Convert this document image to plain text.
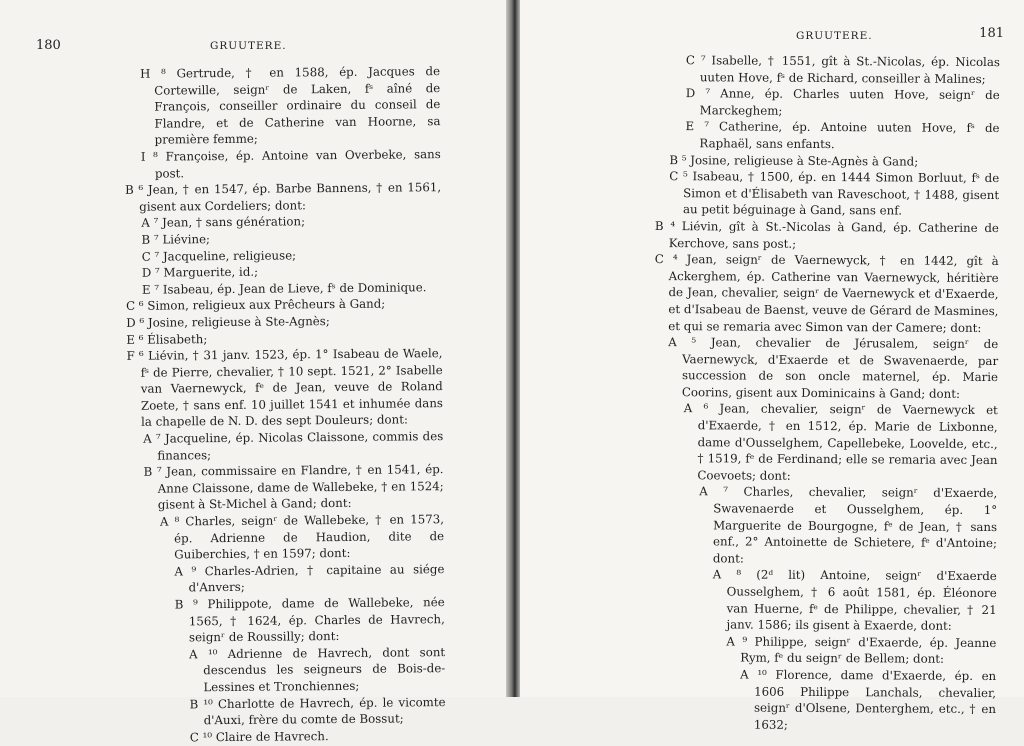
180	GRUUTERE.
H ⁸ Gertrude, † en 1588, ép. Jacques de Cortewille, seignʳ de Laken, fˢ aîné de François, conseiller ordinaire du conseil de Flandre, et de Catherine van Hoorne, sa première femme;
I ⁸ Françoise, ép. Antoine van Overbeke, sans post.
B ⁶ Jean, † en 1547, ép. Barbe Bannens, † en 1561, gisent aux Cordeliers; dont:
A ⁷ Jean, † sans génération;
B ⁷ Liévine;
C ⁷ Jacqueline, religieuse;
D ⁷ Marguerite, id.;
E ⁷ Isabeau, ép. Jean de Lieve, fˢ de Dominique.
C ⁶ Simon, religieux aux Prêcheurs à Gand;
D ⁶ Josine, religieuse à Ste-Agnès;
E ⁶ Élisabeth;
F ⁶ Liévin, † 31 janv. 1523, ép. 1° Isabeau de Waele, fˢ de Pierre, chevalier, † 10 sept. 1521, 2° Isabelle van Vaernewyck, fᵉ de Jean, veuve de Roland Zoete, † sans enf. 10 juillet 1541 et inhumée dans la chapelle de N. D. des sept Douleurs; dont:
A ⁷ Jacqueline, ép. Nicolas Claissone, commis des finances;
B ⁷ Jean, commissaire en Flandre, † en 1541, ép. Anne Claissone, dame de Wallebeke, † en 1524; gisent à St-Michel à Gand; dont:
A ⁸ Charles, seignʳ de Wallebeke, † en 1573, ép. Adrienne de Haudion, dite de Guiberchies, † en 1597; dont:
A ⁹ Charles-Adrien, † capitaine au siége d'Anvers;
B ⁹ Philippote, dame de Wallebeke, née 1565, † 1624, ép. Charles de Havrech, seignʳ de Roussilly; dont:
A ¹⁰ Adrienne de Havrech, dont sont descendus les seigneurs de Bois-de-Lessines et Tronchiennes;
B ¹⁰ Charlotte de Havrech, ép. le vicomte d'Auxi, frère du comte de Bossut;
C ¹⁰ Claire de Havrech.
181
GRUUTERE.
C ⁷ Isabelle, † 1551, gît à St.-Nicolas, ép. Nicolas uuten Hove, fˢ de Richard, conseiller à Malines;
D ⁷ Anne, ép. Charles uuten Hove, seignʳ de Marckeghem;
E ⁷ Catherine, ép. Antoine uuten Hove, fˢ de Raphaël, sans enfants.
B ⁵ Josine, religieuse à Ste-Agnès à Gand;
C ⁵ Isabeau, † 1500, ép. en 1444 Simon Borluut, fˢ de Simon et d'Élisabeth van Raveschoot, † 1488, gisent au petit béguinage à Gand, sans enf.
B ⁴ Liévin, gît à St.-Nicolas à Gand, ép. Catherine de Kerchove, sans post.;
C ⁴ Jean, seignʳ de Vaernewyck, † en 1442, gît à Ackerghem, ép. Catherine van Vaernewyck, héritière de Jean, chevalier, seignʳ de Vaernewyck et d'Exaerde, et d'Isabeau de Baenst, veuve de Gérard de Masmines, et qui se remaria avec Simon van der Camere; dont:
A ⁵ Jean, chevalier de Jérusalem, seignʳ de Vaernewyck, d'Exaerde et de Swavenaerde, par succession de son oncle maternel, ép. Marie Coorins, gisent aux Dominicains à Gand; dont:
A ⁶ Jean, chevalier, seignʳ de Vaernewyck et d'Exaerde, † en 1512, ép. Marie de Lixbonne, dame d'Ousselghem, Capellebeke, Loovelde, etc., † 1519, fᵉ de Ferdinand; elle se remaria avec Jean Coevoets; dont:
A ⁷ Charles, chevalier, seignʳ d'Exaerde, Swavenaerde et Ousselghem, ép. 1° Marguerite de Bourgogne, fᵉ de Jean, † sans enf., 2° Antoinette de Schietere, fᵉ d'Antoine; dont:
A ⁸ (2ᵈ lit) Antoine, seignʳ d'Exaerde Ousselghem, † 6 août 1581, ép. Éléonore van Huerne, fᵉ de Philippe, chevalier, † 21 janv. 1586; ils gisent à Exaerde, dont:
A ⁹ Philippe, seignʳ d'Exaerde, ép. Jeanne Rym, fᵉ du seignʳ de Bellem; dont:
A ¹⁰ Florence, dame d'Exaerde, ép. en 1606 Philippe Lanchals, chevalier, seignʳ d'Olsene, Denterghem, etc., † en 1632;
